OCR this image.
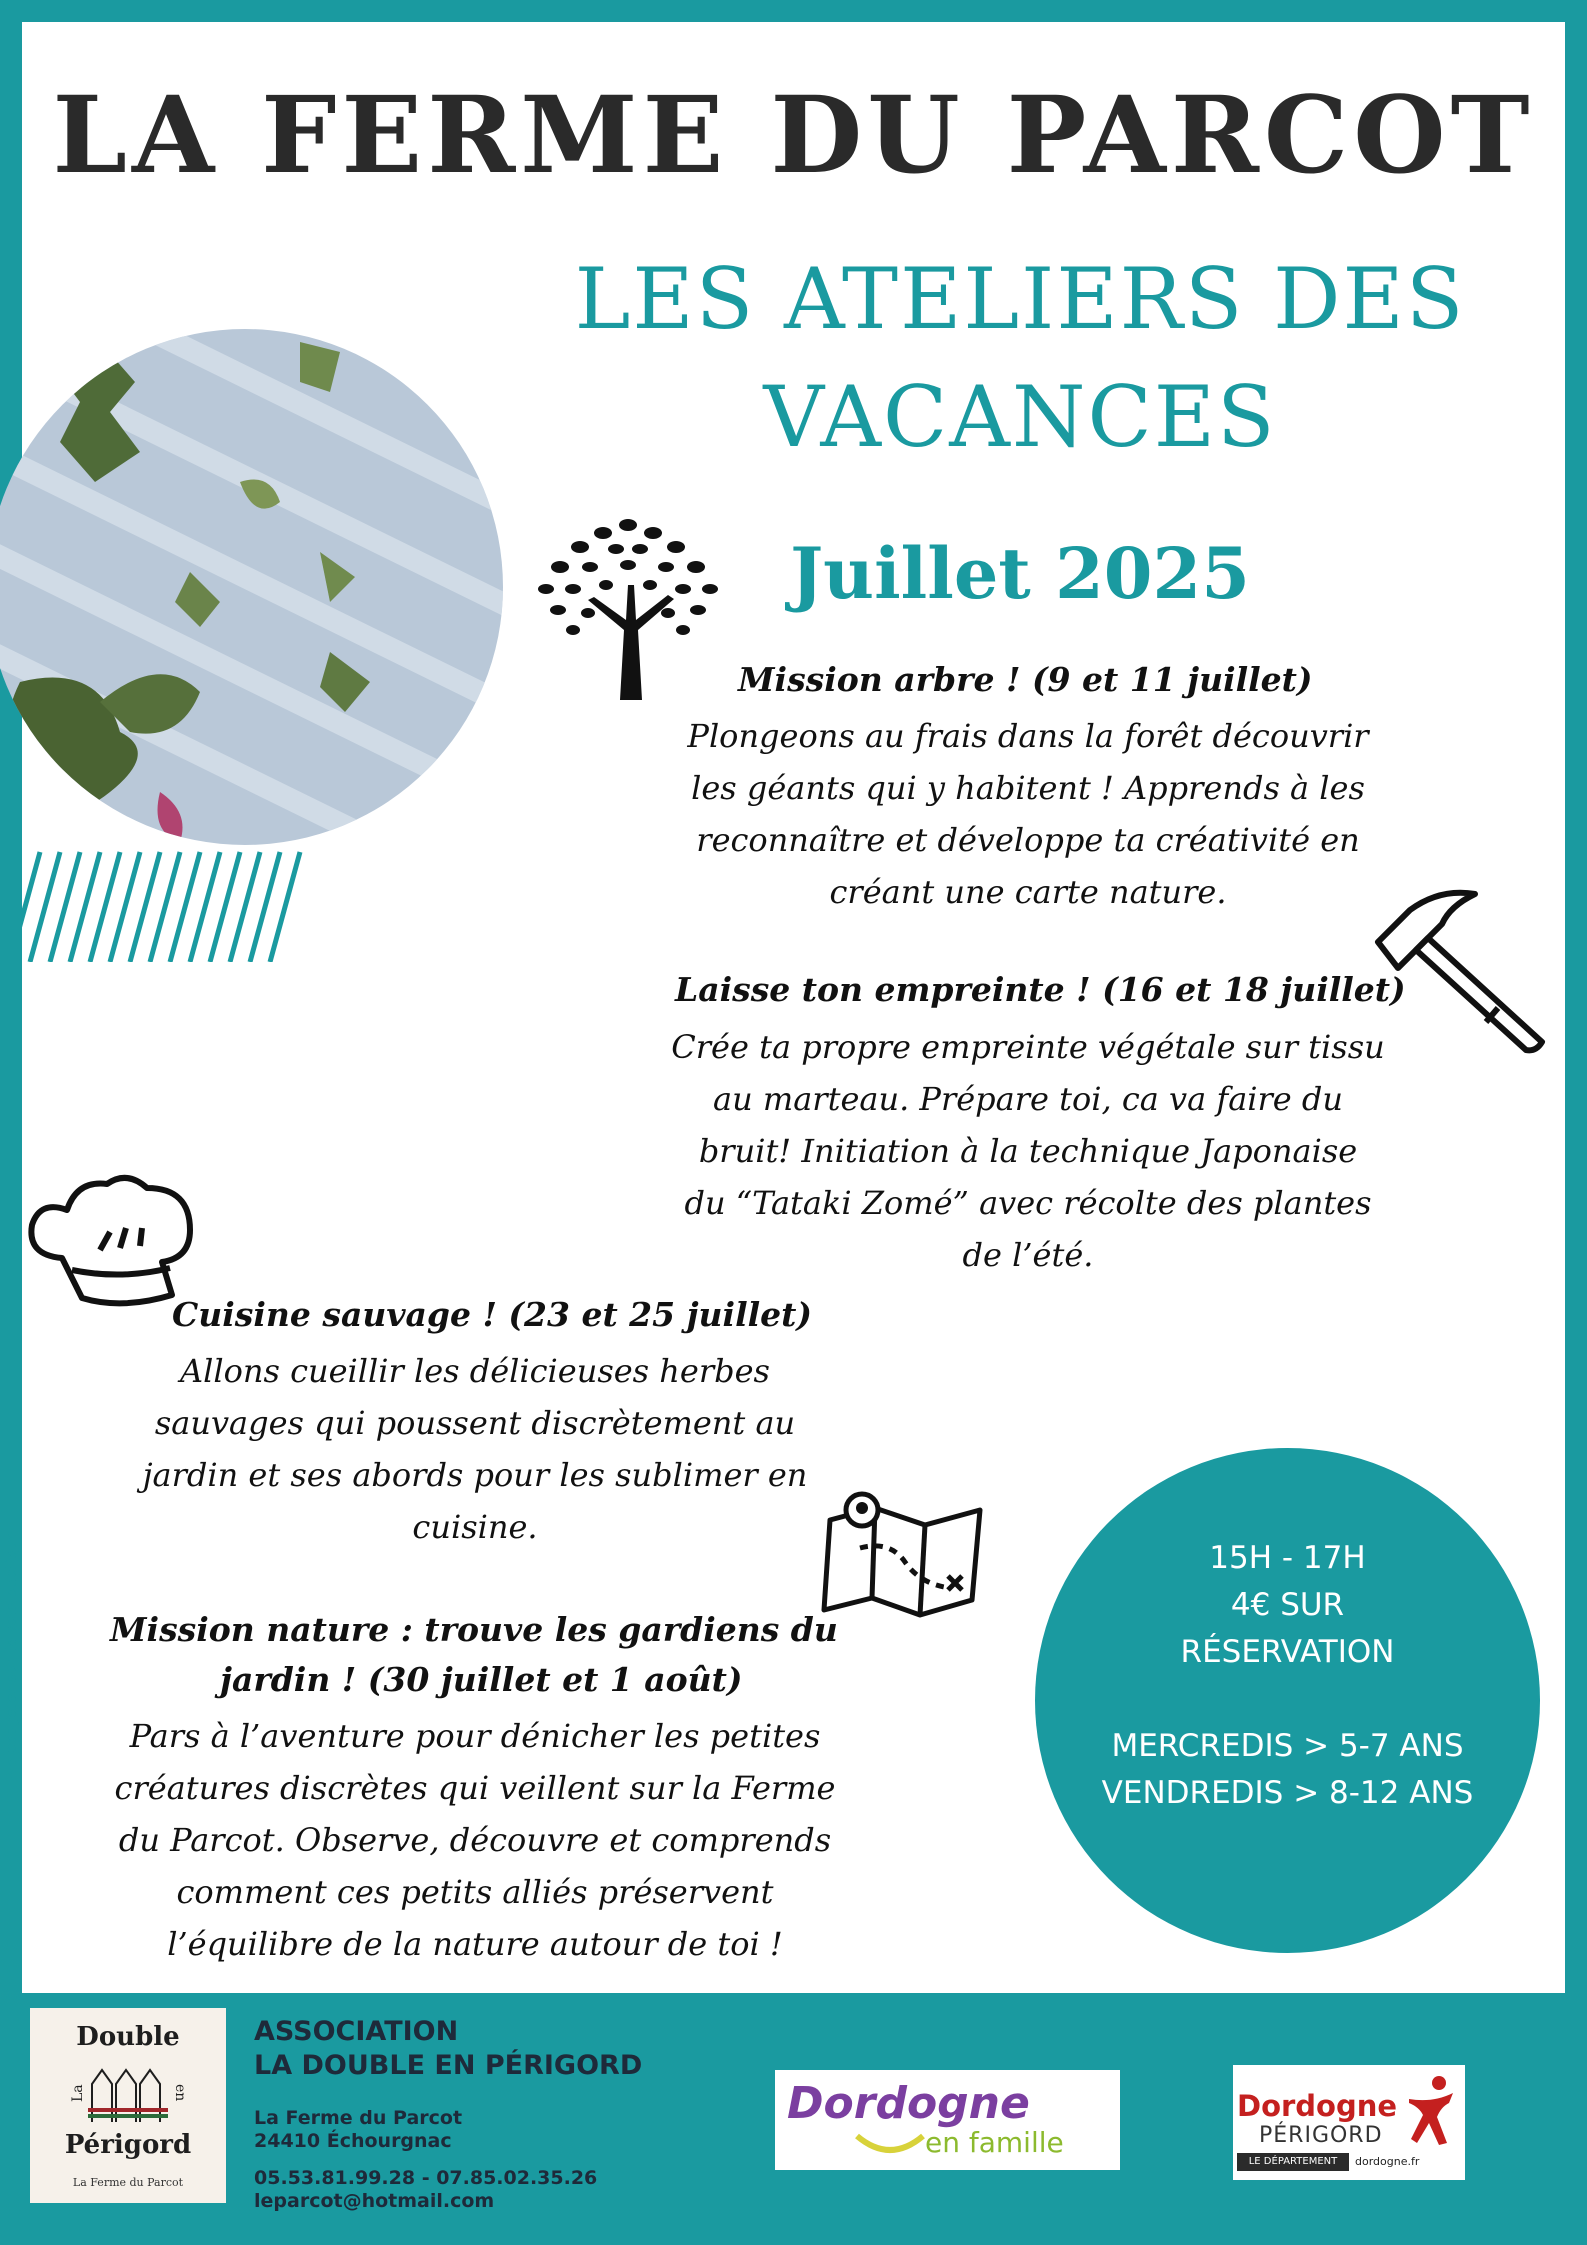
LA FERME DU PARCOT
LES ATELIERS DES
VACANCES
Juillet 2025
Mission arbre ! (9 et 11 juillet)
Plongeons au frais dans la forêt découvrir
les géants qui y habitent ! Apprends à les
reconnaître et développe ta créativité en
créant une carte nature.
Laisse ton empreinte ! (16 et 18 juillet)
Crée ta propre empreinte végétale sur tissu
au marteau. Prépare toi, ca va faire du
bruit! Initiation à la technique Japonaise
du “Tataki Zomé” avec récolte des plantes
de l’été.
Cuisine sauvage ! (23 et 25 juillet)
Allons cueillir les délicieuses herbes
sauvages qui poussent discrètement au
jardin et ses abords pour les sublimer en
cuisine.
Mission nature : trouve les gardiens du
jardin ! (30 juillet et 1 août)
Pars à l’aventure pour dénicher les petites
créatures discrètes qui veillent sur la Ferme
du Parcot. Observe, découvre et comprends
comment ces petits alliés préservent
l’équilibre de la nature autour de toi !
15H - 17H
4€ SUR
RÉSERVATION
MERCREDIS > 5-7 ANS
VENDREDIS > 8-12 ANS
Ne pas jeter sur la voie publique
Double
La	en
Périgord
La Ferme du Parcot
ASSOCIATION
LA DOUBLE EN PÉRIGORD
La Ferme du Parcot
24410 Échourgnac
05.53.81.99.28 - 07.85.02.35.26
leparcot@hotmail.com
Dordogne
en famille
Dordogne
PÉRIGORD
LE DÉPARTEMENT	dordogne.fr
